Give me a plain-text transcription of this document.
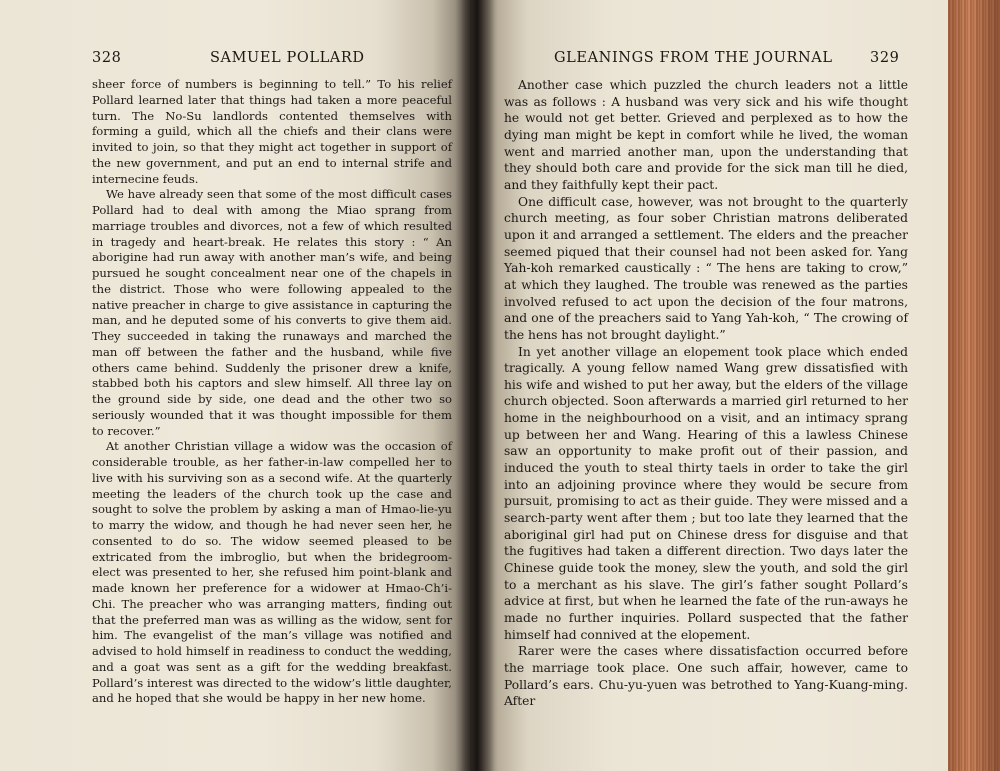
328	SAMUEL POLLARD

sheer force of numbers is beginning to tell.” To his relief Pollard learned later that things had taken a more peaceful turn. The No-Su landlords contented themselves with forming a guild, which all the chiefs and their clans were invited to join, so that they might act together in support of the new government, and put an end to internal strife and internecine feuds.

We have already seen that some of the most difficult cases Pollard had to deal with among the Miao sprang from marriage troubles and divorces, not a few of which resulted in tragedy and heart-break. He relates this story : “ An aborigine had run away with another man’s wife, and being pursued he sought concealment near one of the chapels in the district. Those who were following appealed to the native preacher in charge to give assistance in capturing the man, and he deputed some of his converts to give them aid. They succeeded in taking the runaways and marched the man off between the father and the husband, while five others came behind. Suddenly the prisoner drew a knife, stabbed both his captors and slew himself. All three lay on the ground side by side, one dead and the other two so seriously wounded that it was thought impossible for them to recover.”

At another Christian village a widow was the occasion of considerable trouble, as her father-in-law compelled her to live with his surviving son as a second wife. At the quarterly meeting the leaders of the church took up the case and sought to solve the problem by asking a man of Hmao-lie-yu to marry the widow, and though he had never seen her, he consented to do so. The widow seemed pleased to be extricated from the imbroglio, but when the bridegroom-elect was presented to her, she refused him point-blank and made known her preference for a widower at Hmao-Ch’i-Chi. The preacher who was arranging matters, finding out that the preferred man was as willing as the widow, sent for him. The evangelist of the man’s village was notified and advised to hold himself in readiness to conduct the wedding, and a goat was sent as a gift for the wedding breakfast. Pollard’s interest was directed to the widow’s little daughter, and he hoped that she would be happy in her new home.

GLEANINGS FROM THE JOURNAL	329

Another case which puzzled the church leaders not a little was as follows : A husband was very sick and his wife thought he would not get better. Grieved and perplexed as to how the dying man might be kept in comfort while he lived, the woman went and married another man, upon the understanding that they should both care and provide for the sick man till he died, and they faithfully kept their pact.

One difficult case, however, was not brought to the quarterly church meeting, as four sober Christian matrons deliberated upon it and arranged a settlement. The elders and the preacher seemed piqued that their counsel had not been asked for. Yang Yah-koh remarked caustically : “ The hens are taking to crow,” at which they laughed. The trouble was renewed as the parties involved refused to act upon the decision of the four matrons, and one of the preachers said to Yang Yah-koh, “ The crowing of the hens has not brought daylight.”

In yet another village an elopement took place which ended tragically. A young fellow named Wang grew dissatisfied with his wife and wished to put her away, but the elders of the village church objected. Soon afterwards a married girl returned to her home in the neighbourhood on a visit, and an intimacy sprang up between her and Wang. Hearing of this a lawless Chinese saw an opportunity to make profit out of their passion, and induced the youth to steal thirty taels in order to take the girl into an adjoining province where they would be secure from pursuit, promising to act as their guide. They were missed and a search-party went after them ; but too late they learned that the aboriginal girl had put on Chinese dress for disguise and that the fugitives had taken a different direction. Two days later the Chinese guide took the money, slew the youth, and sold the girl to a merchant as his slave. The girl’s father sought Pollard’s advice at first, but when he learned the fate of the run-aways he made no further inquiries. Pollard suspected that the father himself had connived at the elopement.

Rarer were the cases where dissatisfaction occurred before the marriage took place. One such affair, however, came to Pollard’s ears. Chu-yu-yuen was betrothed to Yang-Kuang-ming. After
